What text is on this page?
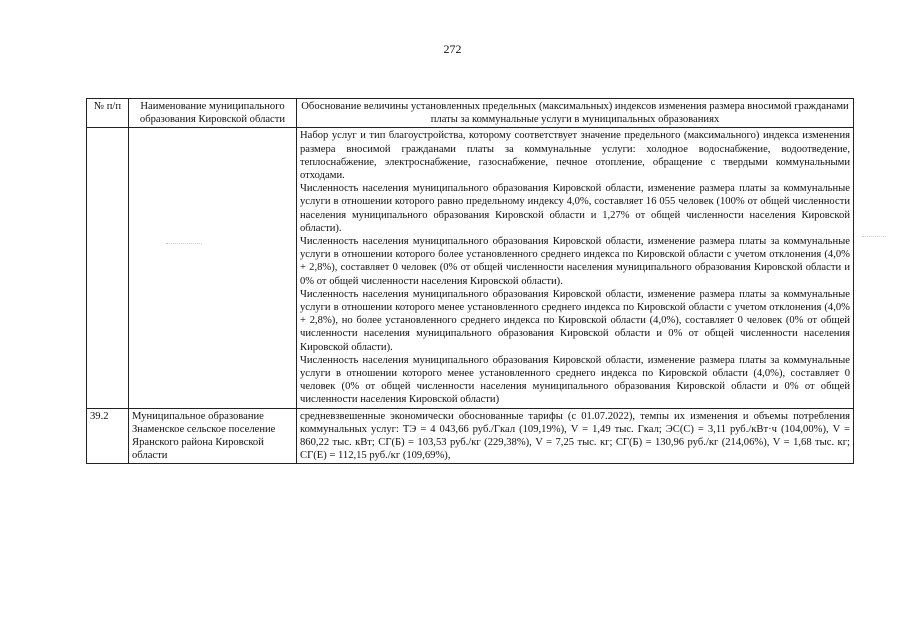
272
№ п/п	Наименование муниципального образования Кировской области	Обоснование величины установленных предельных (максимальных) индексов изменения размера вносимой гражданами платы за коммунальные услуги в муниципальных образованиях

		Набор услуг и тип благоустройства, которому соответствует значение предельного (максимального) индекса изменения размера вносимой гражданами платы за коммунальные услуги: холодное водоснабжение, водоотведение, теплоснабжение, электроснабжение, газоснабжение, печное отопление, обращение с твердыми коммунальными отходами.

Численность населения муниципального образования Кировской области, изменение размера платы за коммунальные услуги в отношении которого равно предельному индексу 4,0%, составляет 16 055 человек (100% от общей численности населения муниципального образования Кировской области и 1,27% от общей численности населения Кировской области).

Численность населения муниципального образования Кировской области, изменение размера платы за коммунальные услуги в отношении которого более установленного среднего индекса по Кировской области с учетом отклонения (4,0% + 2,8%), составляет 0 человек (0% от общей численности населения муниципального образования Кировской области и 0% от общей численности населения Кировской области).

Численность населения муниципального образования Кировской области, изменение размера платы за коммунальные услуги в отношении которого менее установленного среднего индекса по Кировской области с учетом отклонения (4,0% + 2,8%), но более установленного среднего индекса по Кировской области (4,0%), составляет 0 человек (0% от общей численности населения муниципального образования Кировской области и 0% от общей численности населения Кировской области).

Численность населения муниципального образования Кировской области, изменение размера платы за коммунальные услуги в отношении которого менее установленного среднего индекса по Кировской области (4,0%), составляет 0 человек (0% от общей численности населения муниципального образования Кировской области и 0% от общей численности населения Кировской области)

39.2	Муниципальное образование Знаменское сельское поселение Яранского района Кировской области	средневзвешенные экономически обоснованные тарифы (с 01.07.2022), темпы их изменения и объемы потребления коммунальных услуг: ТЭ = 4 043,66 руб./Гкал (109,19%), V = 1,49 тыс. Гкал; ЭС(С) = 3,11 руб./кВт·ч (104,00%), V = 860,22 тыс. кВт; СГ(Б) = 103,53 руб./кг (229,38%), V = 7,25 тыс. кг; СГ(Б) = 130,96 руб./кг (214,06%), V = 1,68 тыс. кг; СГ(Е) = 112,15 руб./кг (109,69%),
